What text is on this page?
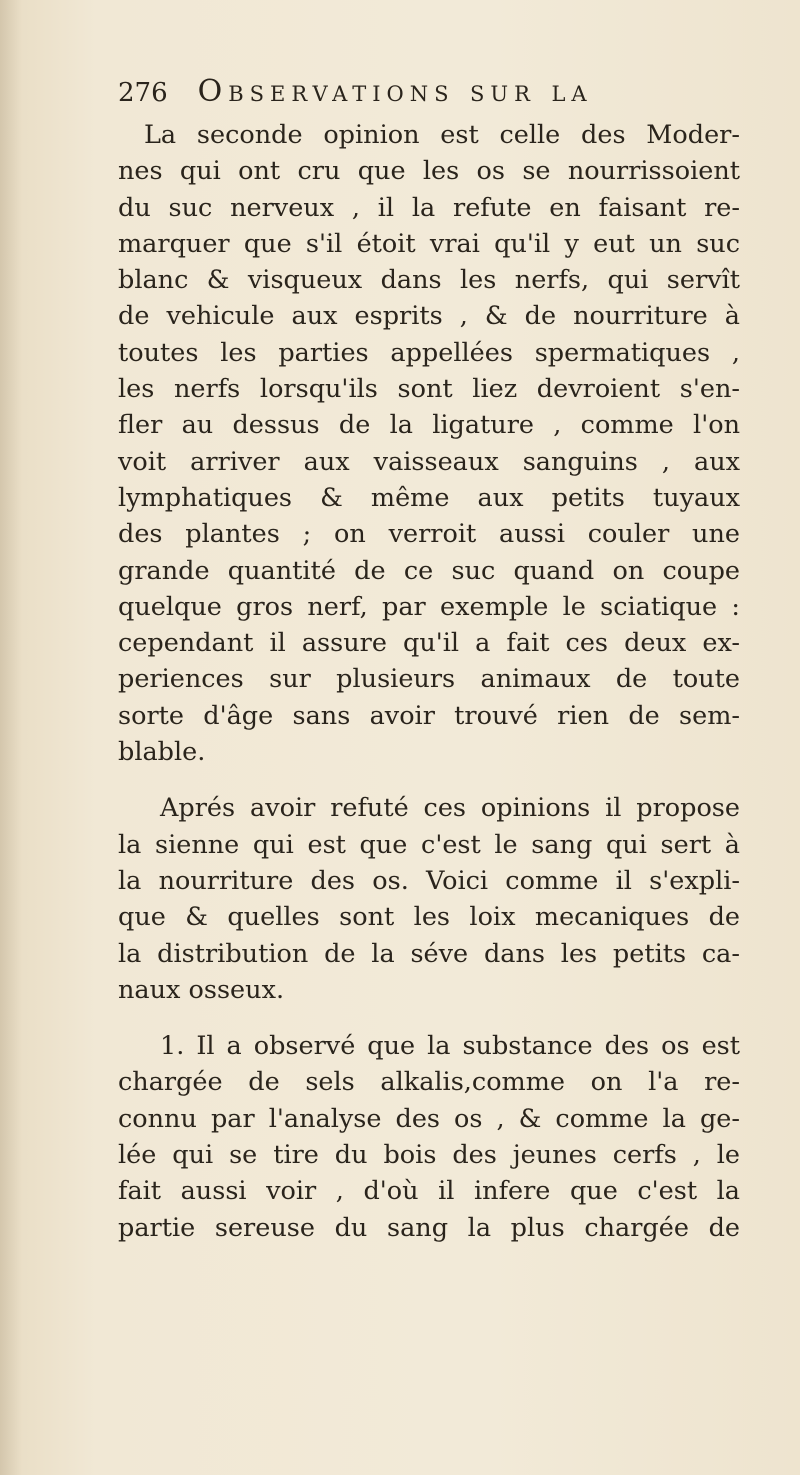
276 Observations sur la
La seconde opinion est celle des Moder-
nes qui ont cru que les os se nourrissoient
du suc nerveux , il la refute en faisant re-
marquer que s'il étoit vrai qu'il y eut un suc
blanc & visqueux dans les nerfs, qui servît
de vehicule aux esprits , & de nourriture à
toutes les parties appellées spermatiques ,
les nerfs lorsqu'ils sont liez devroient s'en-
fler au dessus de la ligature , comme l'on
voit arriver aux vaisseaux sanguins , aux
lymphatiques & même aux petits tuyaux
des plantes ; on verroit aussi couler une
grande quantité de ce suc quand on coupe
quelque gros nerf, par exemple le sciatique :
cependant il assure qu'il a fait ces deux ex-
periences sur plusieurs animaux de toute
sorte d'âge sans avoir trouvé rien de sem-
blable.
Aprés avoir refuté ces opinions il propose
la sienne qui est que c'est le sang qui sert à
la nourriture des os. Voici comme il s'expli-
que & quelles sont les loix mecaniques de
la distribution de la séve dans les petits ca-
naux osseux.
1. Il a observé que la substance des os est
chargée de sels alkalis,comme on l'a re-
connu par l'analyse des os , & comme la ge-
lée qui se tire du bois des jeunes cerfs , le
fait aussi voir , d'où il infere que c'est la
partie sereuse du sang la plus chargée de
